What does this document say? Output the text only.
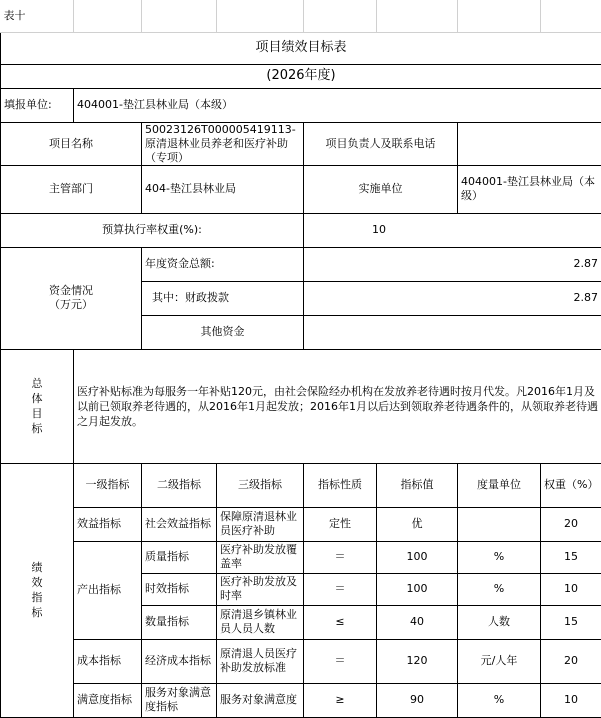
表十							
项目绩效目标表							
(2026年度)							
填报单位:	404001-垫江县林业局（本级）						
项目名称		50023126T000005419113-原清退林业员养老和医疗补助（专项）		项目负责人及联系电话			
主管部门		404-垫江县林业局		实施单位		404001-垫江县林业局（本级）	
预算执行率权重(%):				10			
资金情况
（万元）		年度资金总额:		2.87			
		其中：财政拨款		2.87			
		其他资金					
总
体
目
标	医疗补贴标准为每服务一年补贴120元，由社会保险经办机构在发放养老待遇时按月代发。凡2016年1月及以前已领取养老待遇的，从2016年1月起发放；2016年1月以后达到领取养老待遇条件的，从领取养老待遇之月起发放。						
绩
效
指
标	一级指标	二级指标	三级指标	指标性质	指标值	度量单位	权重（%）
	效益指标	社会效益指标	保障原清退林业员医疗补助	定性	优		20
	产出指标	质量指标	医疗补助发放覆盖率	＝	100	%	15
		时效指标	医疗补助发放及时率	＝	100	%	10
		数量指标	原清退乡镇林业员人员人数	≤	40	人数	15
	成本指标	经济成本指标	原清退人员医疗补助发放标准	＝	120	元/人年	20
	满意度指标	服务对象满意度指标	服务对象满意度	≥	90	%	10
